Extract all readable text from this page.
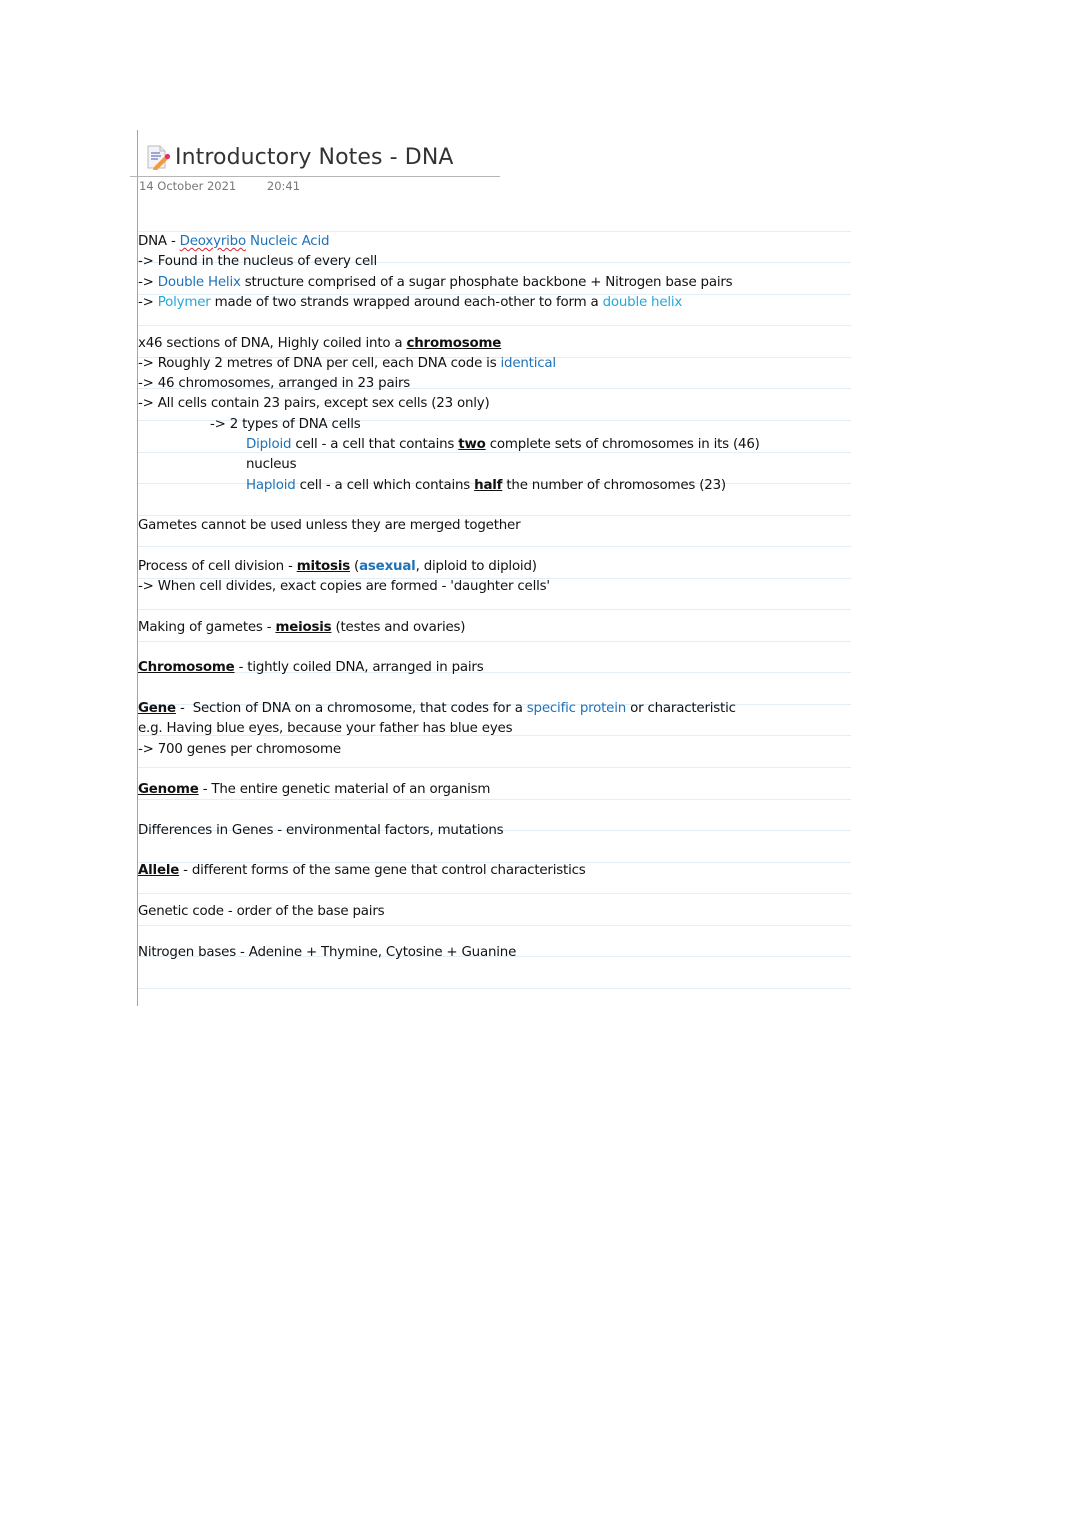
Introductory Notes - DNA
14 October 2021	20:41
DNA - Deoxyribo Nucleic Acid
-> Found in the nucleus of every cell
-> Double Helix structure comprised of a sugar phosphate backbone + Nitrogen base pairs
-> Polymer made of two strands wrapped around each-other to form a double helix
x46 sections of DNA, Highly coiled into a chromosome
-> Roughly 2 metres of DNA per cell, each DNA code is identical
-> 46 chromosomes, arranged in 23 pairs
-> All cells contain 23 pairs, except sex cells (23 only)
-> 2 types of DNA cells
Diploid cell - a cell that contains two complete sets of chromosomes in its (46)
nucleus
Haploid cell - a cell which contains half the number of chromosomes (23)
Gametes cannot be used unless they are merged together
Process of cell division - mitosis (asexual, diploid to diploid)
-> When cell divides, exact copies are formed - 'daughter cells'
Making of gametes - meiosis (testes and ovaries)
Chromosome - tightly coiled DNA, arranged in pairs
Gene -  Section of DNA on a chromosome, that codes for a specific protein or characteristic
e.g. Having blue eyes, because your father has blue eyes
-> 700 genes per chromosome
Genome - The entire genetic material of an organism
Differences in Genes - environmental factors, mutations
Allele - different forms of the same gene that control characteristics
Genetic code - order of the base pairs
Nitrogen bases - Adenine + Thymine, Cytosine + Guanine
